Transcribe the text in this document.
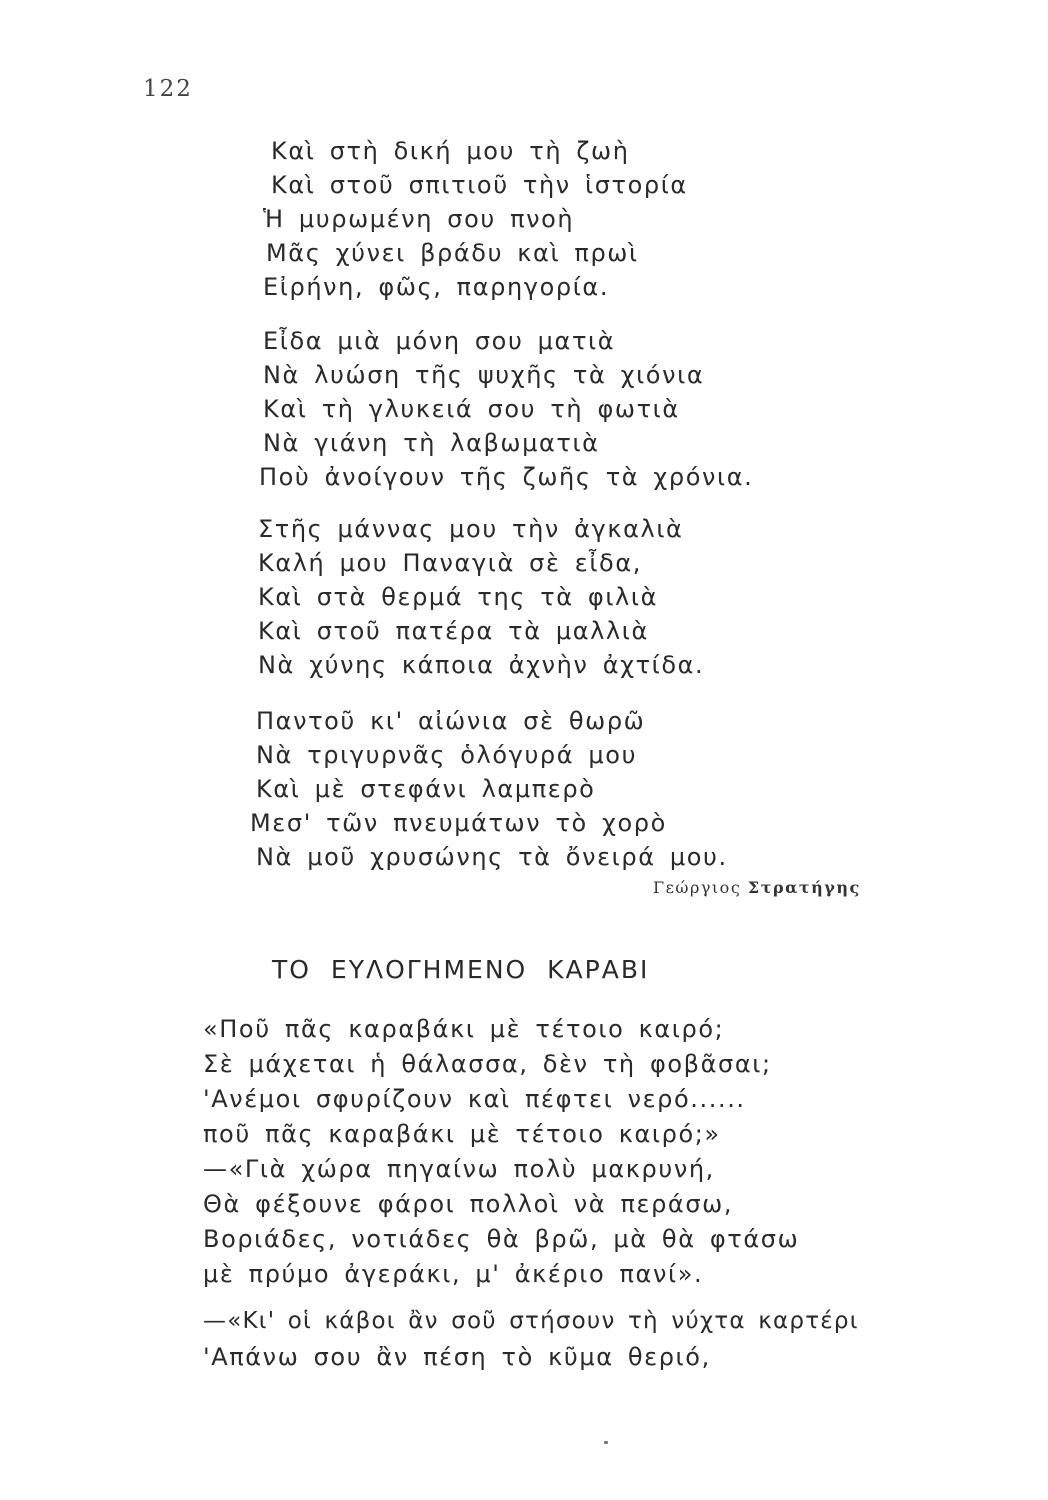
122
Καὶ στὴ δική μου τὴ ζωὴ
Καὶ στοῦ σπιτιοῦ τὴν ἱστορία
Ἡ μυρωμένη σου πνοὴ
Μᾶς χύνει βράδυ καὶ πρωὶ
Εἰρήνη, φῶς, παρηγορία.
Εἶδα μιὰ μόνη σου ματιὰ
Νὰ λυώση τῆς ψυχῆς τὰ χιόνια
Καὶ τὴ γλυκειά σου τὴ φωτιὰ
Νὰ γιάνη τὴ λαβωματιὰ
Ποὺ ἀνοίγουν τῆς ζωῆς τὰ χρόνια.
Στῆς μάννας μου τὴν ἀγκαλιὰ
Καλή μου Παναγιὰ σὲ εἶδα,
Καὶ στὰ θερμά της τὰ φιλιὰ
Καὶ στοῦ πατέρα τὰ μαλλιὰ
Νὰ χύνης κάποια ἀχνὴν ἀχτίδα.
Παντοῦ κι' αἰώνια σὲ θωρῶ
Νὰ τριγυρνᾶς ὁλόγυρά μου
Καὶ μὲ στεφάνι λαμπερὸ
Μεσ' τῶν πνευμάτων τὸ χορὸ
Νὰ μοῦ χρυσώνης τὰ ὄνειρά μου.
Γεώργιος Στρατήγης
ΤΟ ΕΥΛΟΓΗΜΕΝΟ ΚΑΡΑΒΙ
«Ποῦ πᾶς καραβάκι μὲ τέτοιο καιρό;
Σὲ μάχεται ἡ θάλασσα, δὲν τὴ φοβᾶσαι;
'Ανέμοι σφυρίζουν καὶ πέφτει νερό......
ποῦ πᾶς καραβάκι μὲ τέτοιο καιρό;»
—«Γιὰ χώρα πηγαίνω πολὺ μακρυνή,
Θὰ φέξουνε φάροι πολλοὶ νὰ περάσω,
Βοριάδες, νοτιάδες θὰ βρῶ, μὰ θὰ φτάσω
μὲ πρύμο ἀγεράκι, μ' ἀκέριο πανί».
—«Κι' οἱ κάβοι ἂν σοῦ στήσουν τὴ νύχτα καρτέρι
'Απάνω σου ἂν πέση τὸ κῦμα θεριό,
